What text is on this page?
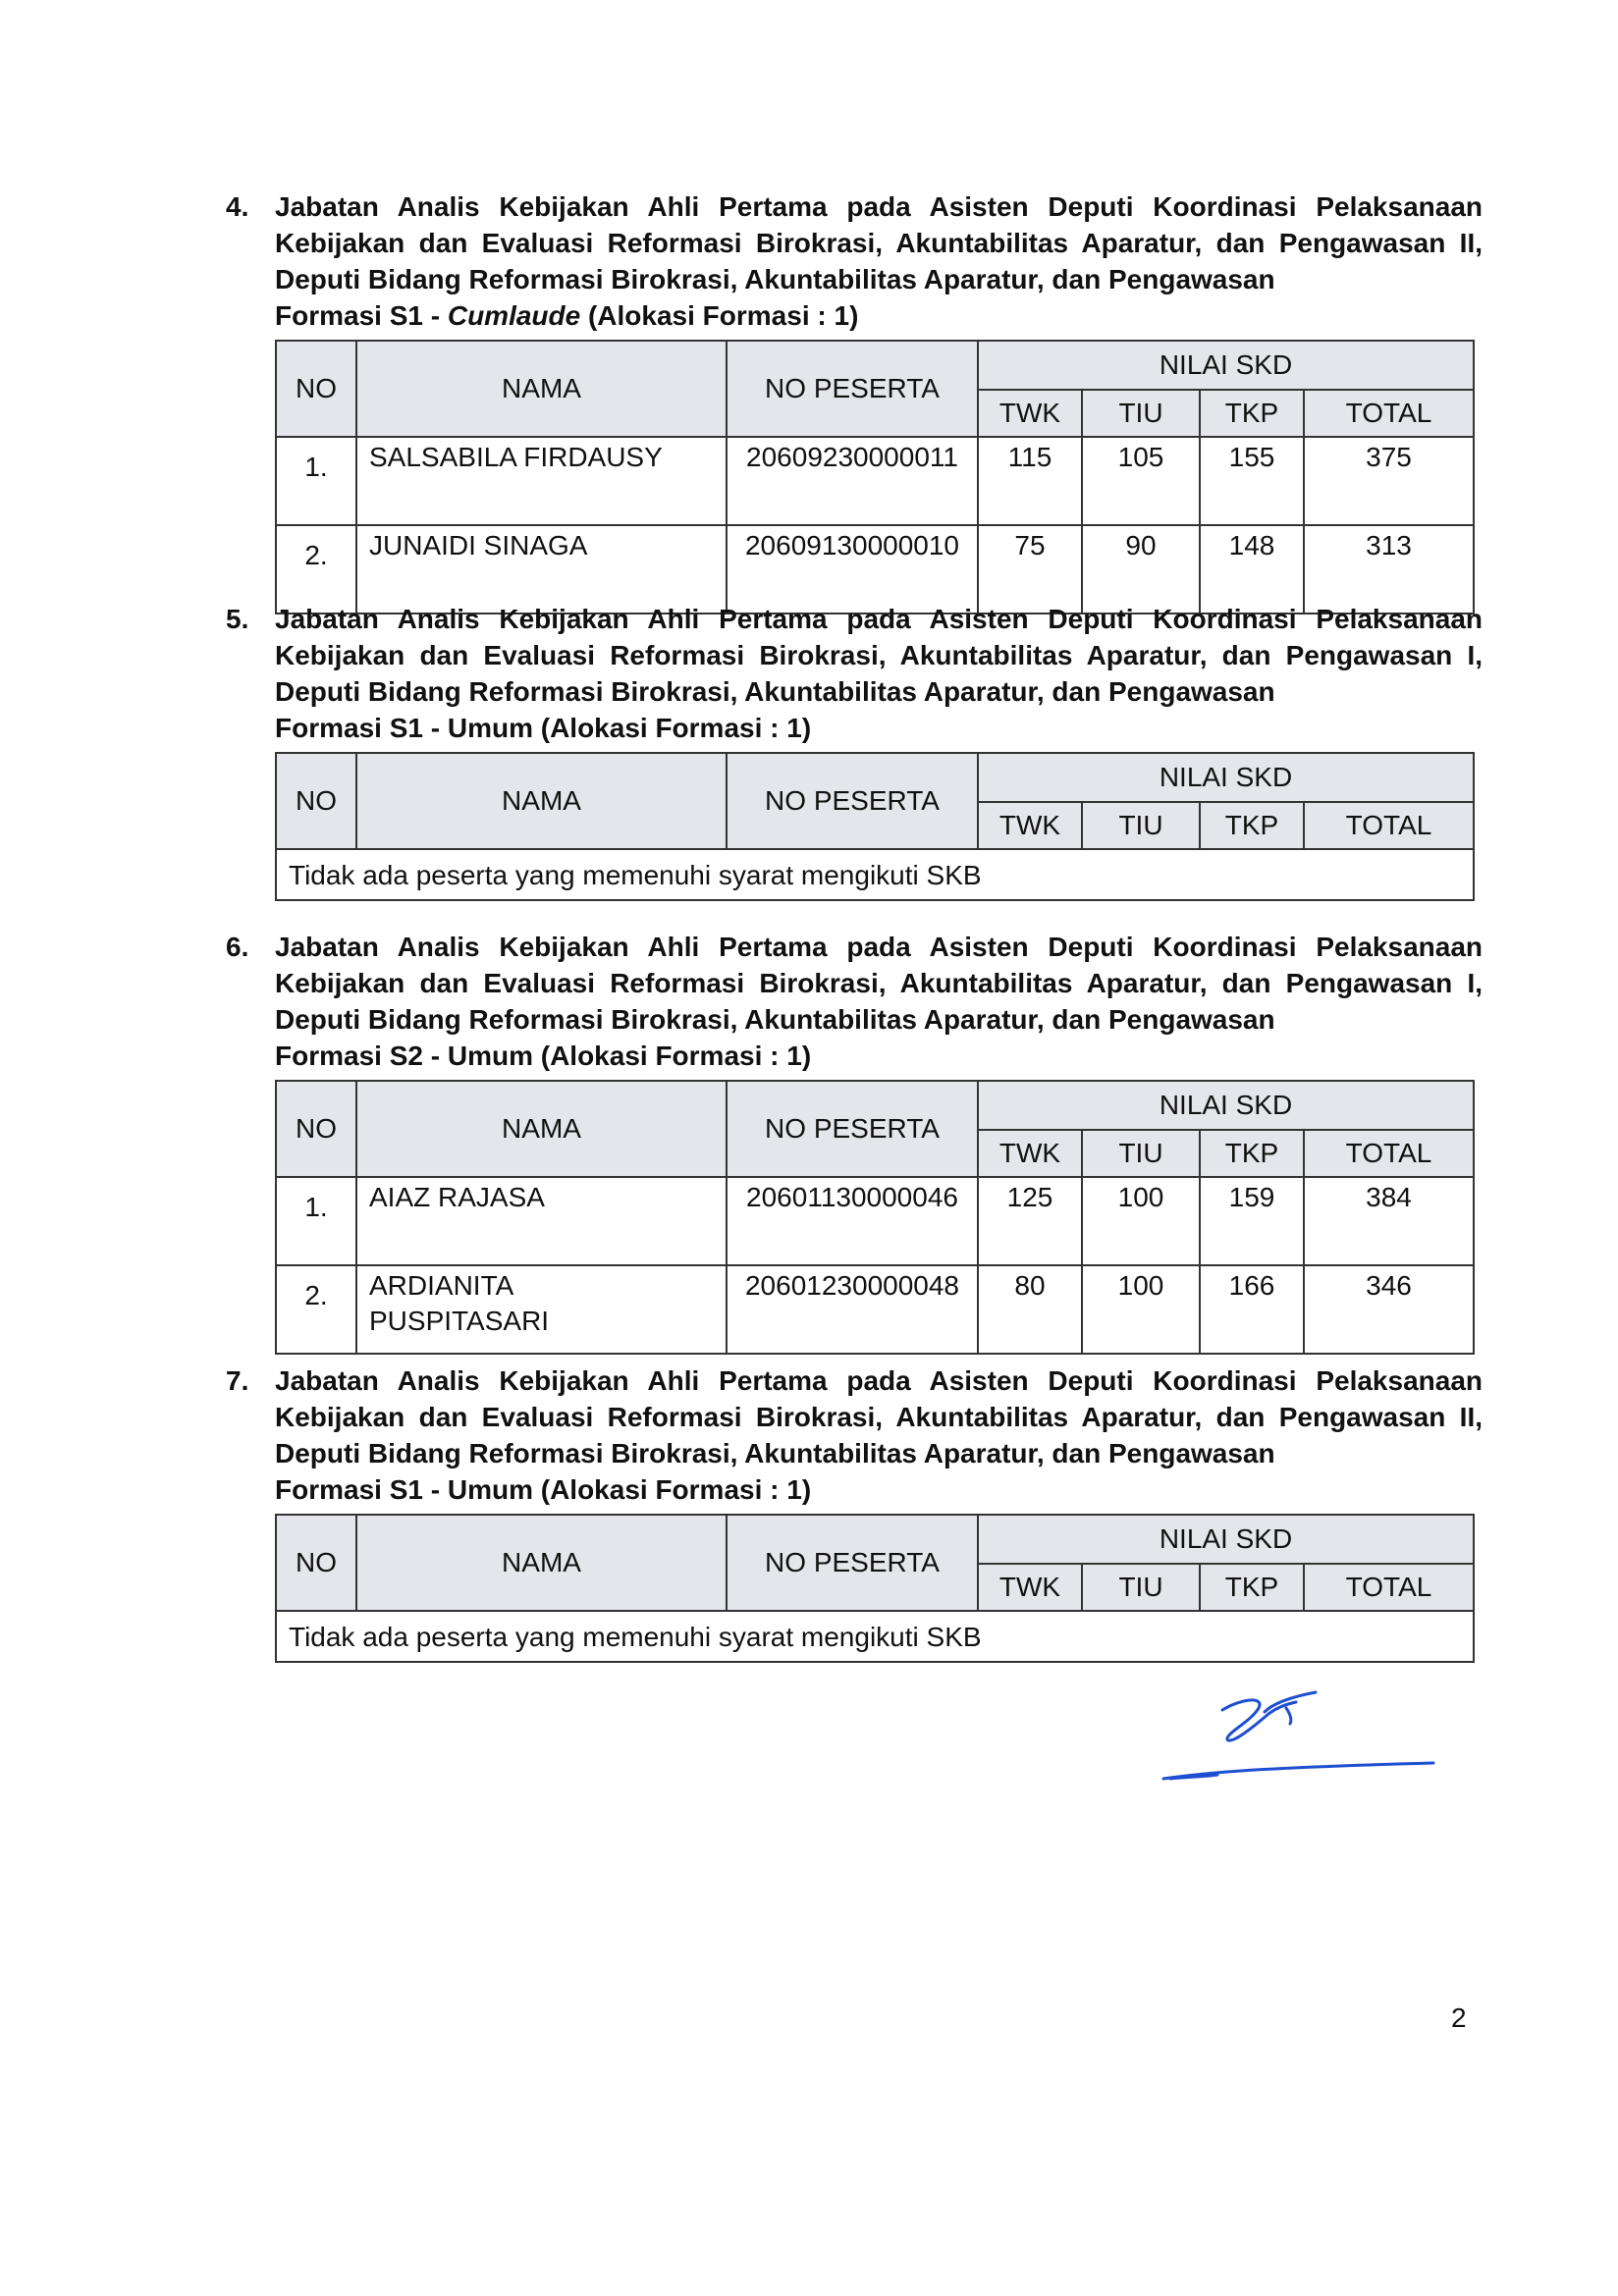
4. Jabatan Analis Kebijakan Ahli Pertama pada Asisten Deputi Koordinasi Pelaksanaan
Kebijakan dan Evaluasi Reformasi Birokrasi, Akuntabilitas Aparatur, dan Pengawasan II,
Deputi Bidang Reformasi Birokrasi, Akuntabilitas Aparatur, dan Pengawasan
Formasi S1 - Cumlaude (Alokasi Formasi : 1)
NO	NAMA	NO PESERTA	NILAI SKD			
			TWK	TIU	TKP	TOTAL
1.	SALSABILA FIRDAUSY	20609230000011	115	105	155	375
2.	JUNAIDI SINAGA	20609130000010	75	90	148	313
5. Jabatan Analis Kebijakan Ahli Pertama pada Asisten Deputi Koordinasi Pelaksanaan
Kebijakan dan Evaluasi Reformasi Birokrasi, Akuntabilitas Aparatur, dan Pengawasan I,
Deputi Bidang Reformasi Birokrasi, Akuntabilitas Aparatur, dan Pengawasan
Formasi S1 - Umum (Alokasi Formasi : 1)
NO	NAMA	NO PESERTA	NILAI SKD			
			TWK	TIU	TKP	TOTAL
Tidak ada peserta yang memenuhi syarat mengikuti SKB						
6. Jabatan Analis Kebijakan Ahli Pertama pada Asisten Deputi Koordinasi Pelaksanaan
Kebijakan dan Evaluasi Reformasi Birokrasi, Akuntabilitas Aparatur, dan Pengawasan I,
Deputi Bidang Reformasi Birokrasi, Akuntabilitas Aparatur, dan Pengawasan
Formasi S2 - Umum (Alokasi Formasi : 1)
NO	NAMA	NO PESERTA	NILAI SKD			
			TWK	TIU	TKP	TOTAL
1.	AIAZ RAJASA	20601130000046	125	100	159	384
2.	ARDIANITA PUSPITASARI	20601230000048	80	100	166	346
7. Jabatan Analis Kebijakan Ahli Pertama pada Asisten Deputi Koordinasi Pelaksanaan
Kebijakan dan Evaluasi Reformasi Birokrasi, Akuntabilitas Aparatur, dan Pengawasan II,
Deputi Bidang Reformasi Birokrasi, Akuntabilitas Aparatur, dan Pengawasan
Formasi S1 - Umum (Alokasi Formasi : 1)
NO	NAMA	NO PESERTA	NILAI SKD			
			TWK	TIU	TKP	TOTAL
Tidak ada peserta yang memenuhi syarat mengikuti SKB						
2
